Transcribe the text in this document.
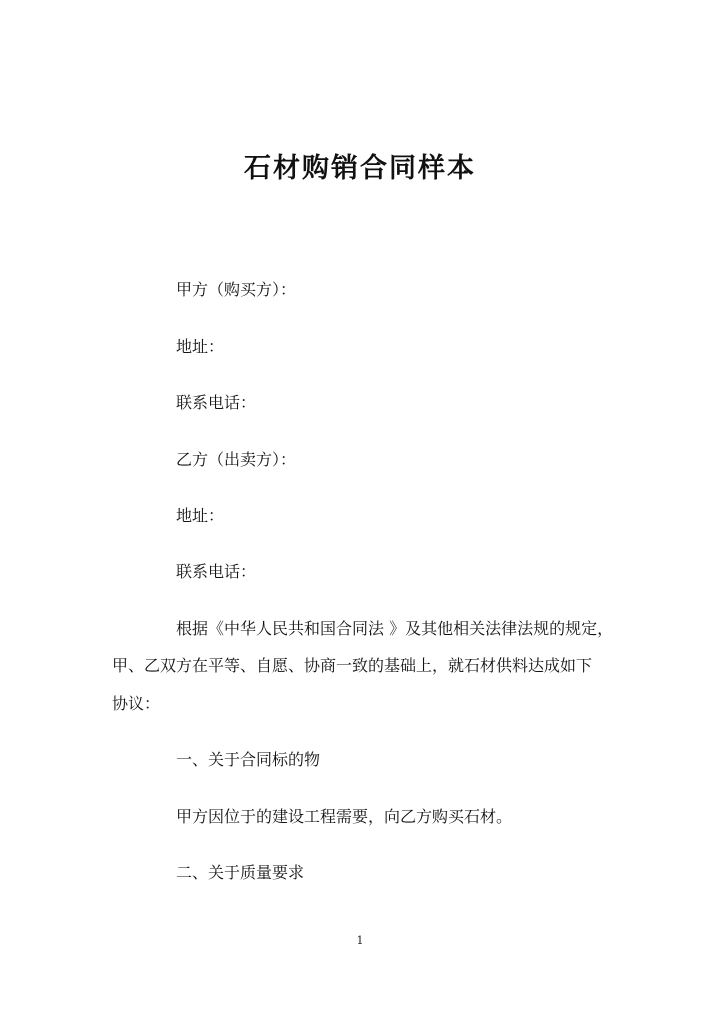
石材购销合同样本
甲方（购买方）：
地址：
联系电话：
乙方（出卖方）：
地址：
联系电话：
根据《中华人民共和国合同法 》及其他相关法律法规的规定，
甲、乙双方在平等、自愿、协商一致的基础上，就石材供料达成如下
协议：
一、关于合同标的物
甲方因位于的建设工程需要，向乙方购买石材。
二、关于质量要求
1
